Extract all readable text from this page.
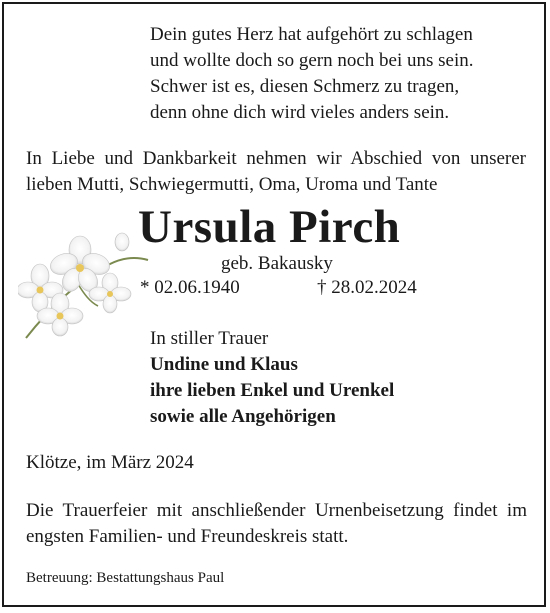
Dein gutes Herz hat aufgehört zu schlagen
und wollte doch so gern noch bei uns sein.
Schwer ist es, diesen Schmerz zu tragen,
denn ohne dich wird vieles anders sein.
In Liebe und Dankbarkeit nehmen wir Abschied von unserer
lieben Mutti, Schwiegermutti, Oma, Uroma und Tante
Ursula Pirch
geb. Bakausky
* 02.06.1940	† 28.02.2024
In stiller Trauer
Undine und Klaus
ihre lieben Enkel und Urenkel
sowie alle Angehörigen
Klötze, im März 2024
Die Trauerfeier mit anschließender Urnenbeisetzung findet im
engsten Familien- und Freundeskreis statt.
Betreuung: Bestattungshaus Paul
